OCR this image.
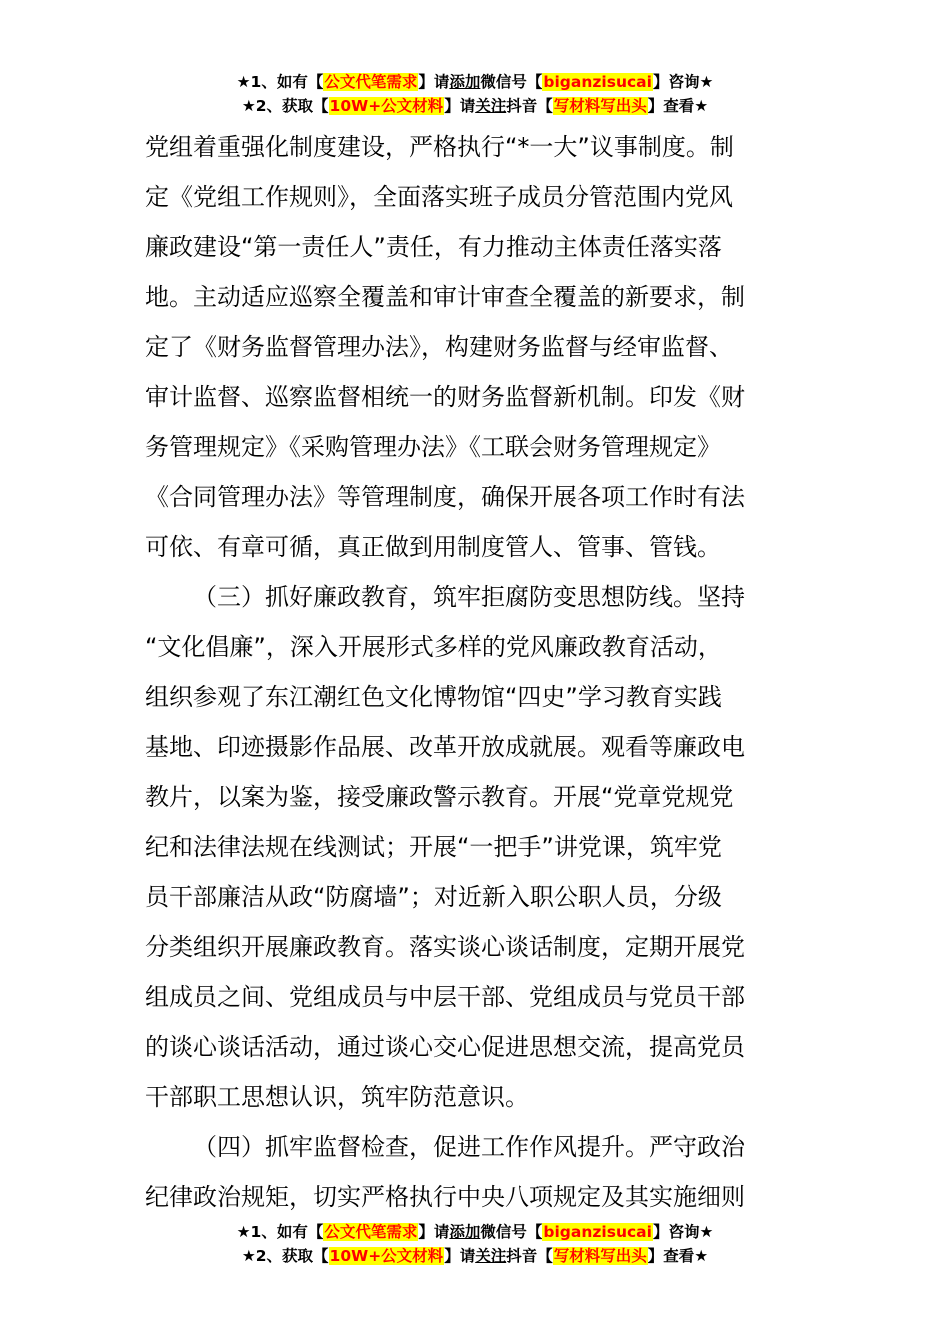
★1、如有【公文代笔需求】请添加微信号【biganzisucai】咨询★
★2、获取【10W+公文材料】请关注抖音【写材料写出头】查看★
党组着重强化制度建设，严格执行“*一大”议事制度。制
定《党组工作规则》，全面落实班子成员分管范围内党风
廉政建设“第一责任人”责任，有力推动主体责任落实落
地。主动适应巡察全覆盖和审计审查全覆盖的新要求，制
定了《财务监督管理办法》，构建财务监督与经审监督、
审计监督、巡察监督相统一的财务监督新机制。印发《财
务管理规定》《采购管理办法》《工联会财务管理规定》
《合同管理办法》等管理制度，确保开展各项工作时有法
可依、有章可循，真正做到用制度管人、管事、管钱。
（三）抓好廉政教育，筑牢拒腐防变思想防线。坚持
“文化倡廉”，深入开展形式多样的党风廉政教育活动，
组织参观了东江潮红色文化博物馆“四史”学习教育实践
基地、印迹摄影作品展、改革开放成就展。观看等廉政电
教片，以案为鉴，接受廉政警示教育。开展“党章党规党
纪和法律法规在线测试；开展“一把手”讲党课，筑牢党
员干部廉洁从政“防腐墙”；对近新入职公职人员，分级
分类组织开展廉政教育。落实谈心谈话制度，定期开展党
组成员之间、党组成员与中层干部、党组成员与党员干部
的谈心谈话活动，通过谈心交心促进思想交流，提高党员
干部职工思想认识，筑牢防范意识。
（四）抓牢监督检查，促进工作作风提升。严守政治
纪律政治规矩，切实严格执行中央八项规定及其实施细则
★1、如有【公文代笔需求】请添加微信号【biganzisucai】咨询★
★2、获取【10W+公文材料】请关注抖音【写材料写出头】查看★
